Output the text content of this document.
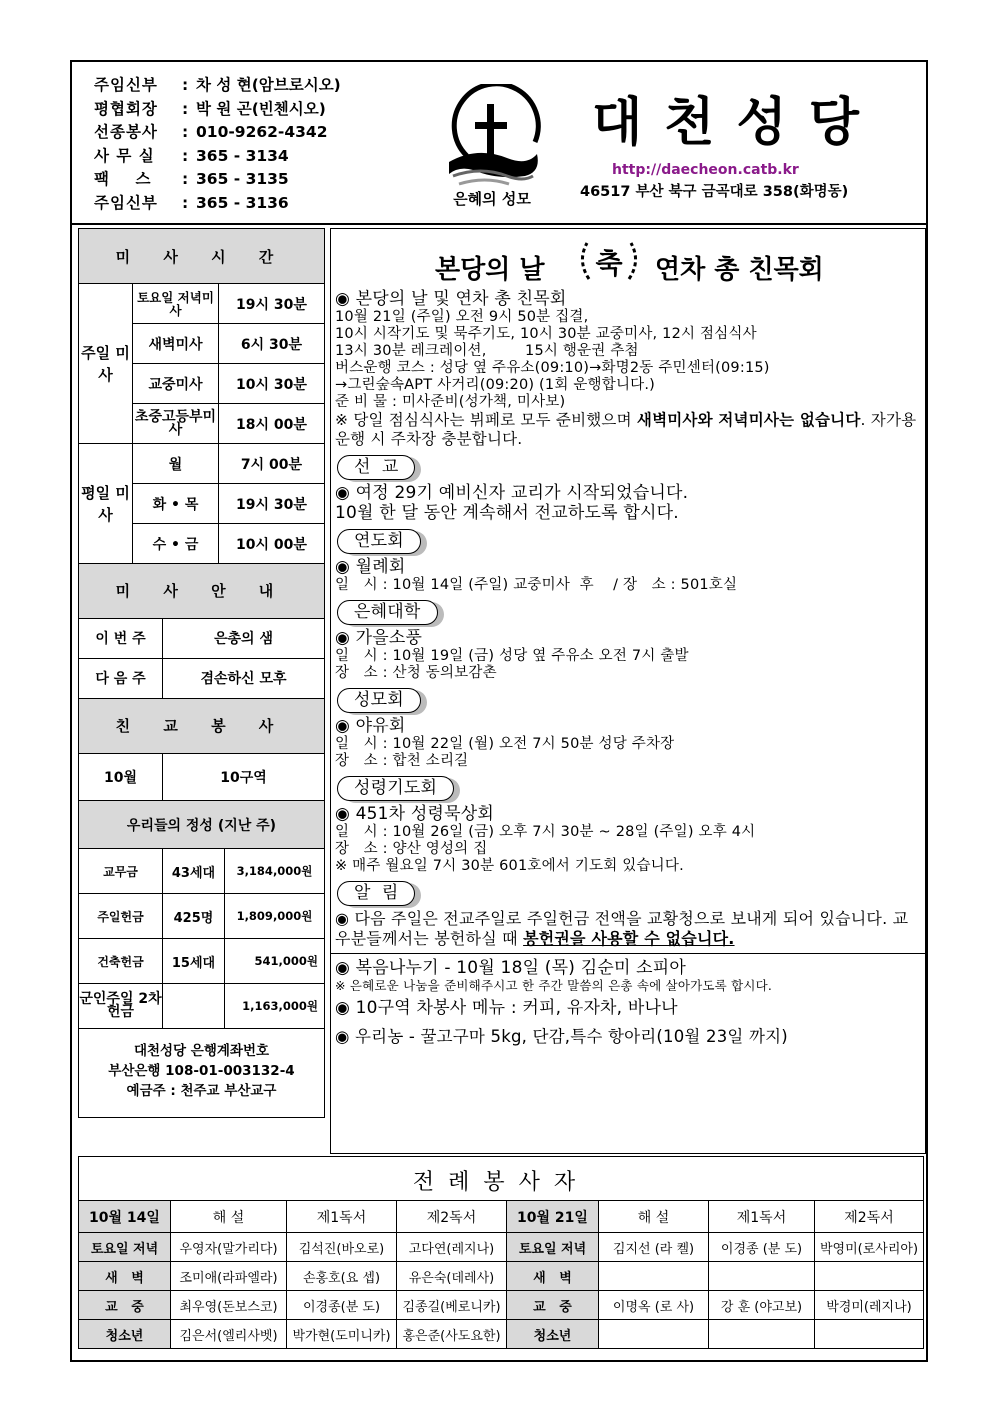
주임신부	: 차 성 현(암브로시오)
평협회장	: 박 원 곤(빈첸시오)
선종봉사	: 010-9262-4342
사 무 실	: 365 - 3134
팩    스	: 365 - 3135
주임신부	: 365 - 3136	은혜의 성모
대천성당
http://daecheon.catb.kr
46517 부산 북구 금곡대로 358(화명동)
미 사 시 간		
주일 미사	토요일 저녁미사	19시 30분
	새벽미사	6시 30분
	교중미사	10시 30분
	초중고등부미사	18시 00분
평일 미사	월	7시 00분
	화 • 목	19시 30분
	수 • 금	10시 00분
미 사 안 내	
이 번 주	은총의 샘
다 음 주	겸손하신 모후
친 교 봉 사	
10월	10구역
우리들의 정성 (지난 주)		
교무금	43세대	3,184,000원
주일헌금	425명	1,809,000원
건축헌금	15세대	541,000원
군인주일 2차헌금		1,163,000원
대천성당 은행계좌번호
부산은행 108-01-003132-4
예금주 : 천주교 부산교구
본당의 날 축 연차 총 친목회
◉ 본당의 날 및 연차 총 친목회
10월 21일 (주일) 오전 9시 50분 집결,
10시 시작기도 및 묵주기도, 10시 30분 교중미사, 12시 점심식사
13시 30분 레크레이션,        15시 행운권 추첨
버스운행 코스 : 성당 옆 주유소(09:10)→화명2동 주민센터(09:15)
→그린숲속APT 사거리(09:20) (1회 운행합니다.)
준 비 물 : 미사준비(성가책, 미사보)
※ 당일 점심식사는 뷔페로 모두 준비했으며 새벽미사와 저녁미사는 없습니다. 자가용 운행 시 주차장 충분합니다.
선  교
◉ 여정 29기 예비신자 교리가 시작되었습니다.
10월 한 달 동안 계속해서 전교하도록 합시다.
연도회
◉ 월례회
일   시 : 10월 14일 (주일) 교중미사  후    / 장   소 : 501호실
은혜대학
◉ 가을소풍
일   시 : 10월 19일 (금) 성당 옆 주유소 오전 7시 출발
장   소 : 산청 동의보감촌
성모회
◉ 야유회
일   시 : 10월 22일 (월) 오전 7시 50분 성당 주차장
장   소 : 합천 소리길
성령기도회
◉ 451차 성령묵상회
일   시 : 10월 26일 (금) 오후 7시 30분 ~ 28일 (주일) 오후 4시
장   소 : 양산 영성의 집
※ 매주 월요일 7시 30분 601호에서 기도회 있습니다.
알  림
◉ 다음 주일은 전교주일로 주일헌금 전액을 교황청으로 보내게 되어 있습니다. 교우분들께서는 봉헌하실 때 봉헌권을 사용할 수 없습니다.
◉ 복음나누기 - 10월 18일 (목) 김순미 소피아
※ 은혜로운 나눔을 준비해주시고 한 주간 말씀의 은총 속에 살아가도록 합시다.
◉ 10구역 차봉사 메뉴 : 커피, 유자차, 바나나
◉ 우리농 - 꿀고구마 5kg, 단감,특수 항아리(10월 23일 까지)
전례봉사자
10월 14일	해 설	제1독서	제2독서	10월 21일	해 설	제1독서	제2독서
토요일 저녁	우영자(말가리다)	김석진(바오로)	고다연(레지나)	토요일 저녁	김지선 (라 켈)	이경종 (분 도)	박영미(로사리아)
새   벽	조미애(라파엘라)	손홍호(요 셉)	유은숙(데레사)	새   벽			
교   중	최우영(돈보스코)	이경종(분 도)	김종길(베로니카)	교   중	이명옥 (로 사)	강 훈 (야고보)	박경미(레지나)
청소년	김은서(엘리사벳)	박가현(도미니카)	홍은준(사도요한)	청소년			
